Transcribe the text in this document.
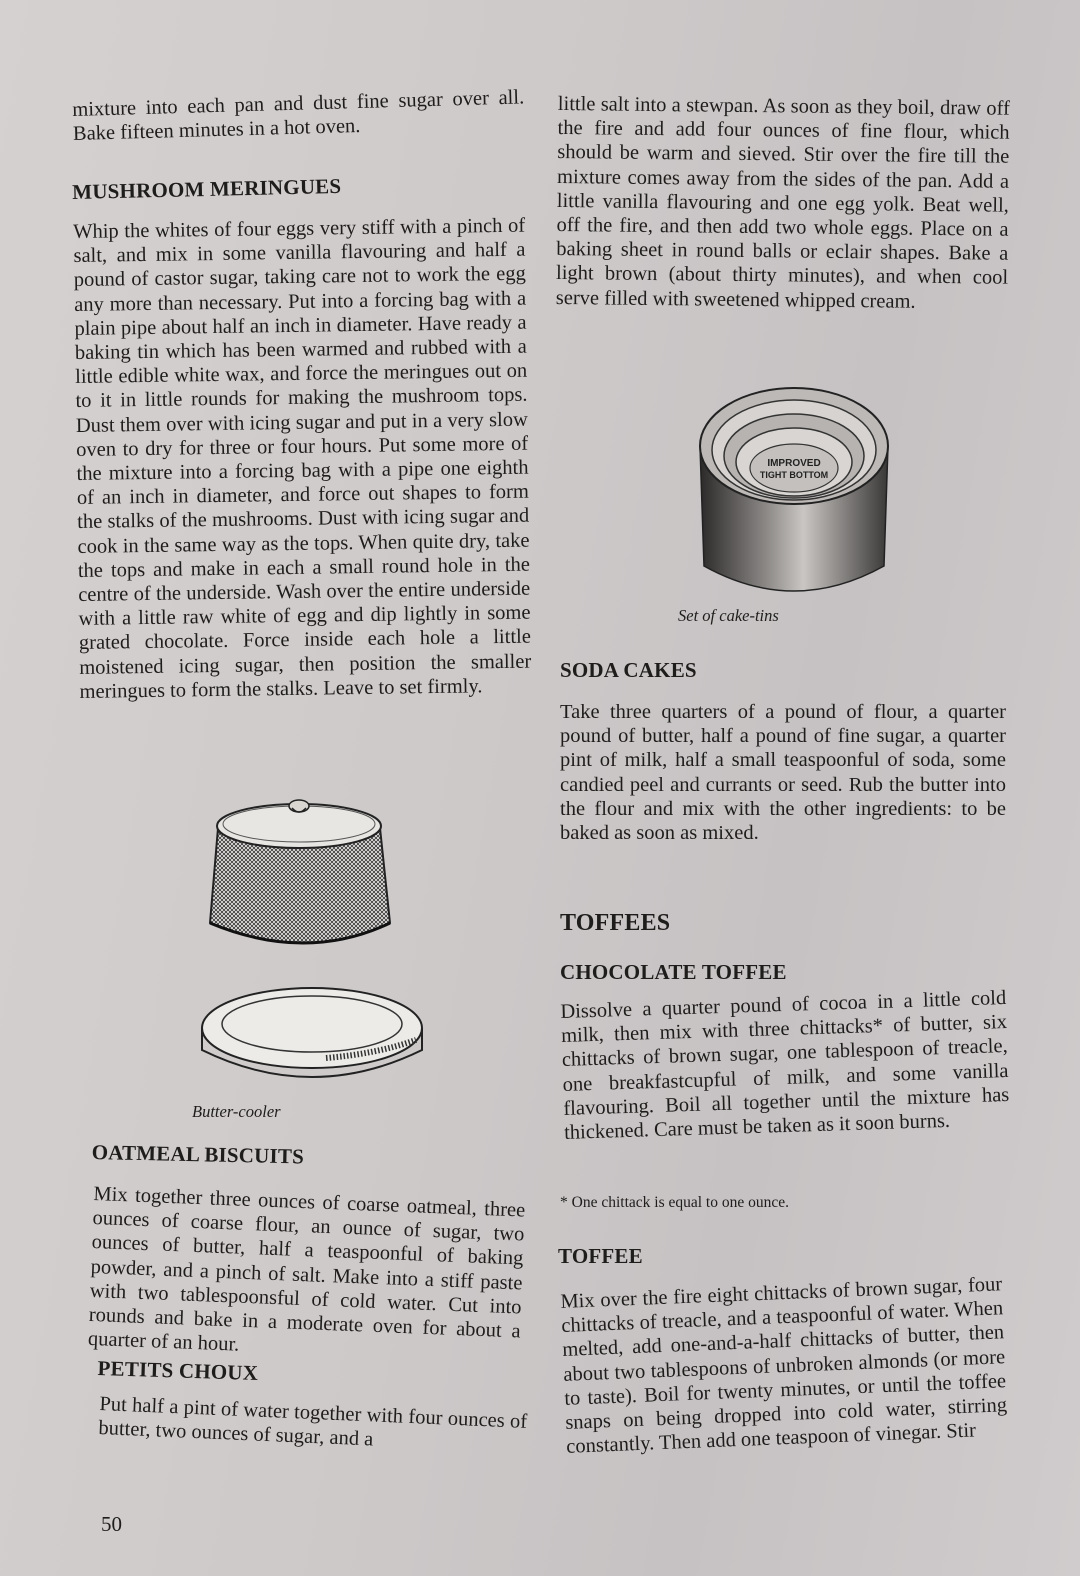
mixture into each pan and dust fine sugar over all. Bake fifteen minutes in a hot oven.

MUSHROOM MERINGUES

Whip the whites of four eggs very stiff with a pinch of salt, and mix in some vanilla flavouring and half a pound of castor sugar, taking care not to work the egg any more than necessary. Put into a forcing bag with a plain pipe about half an inch in diameter. Have ready a baking tin which has been warmed and rubbed with a little edible white wax, and force the meringues out on to it in little rounds for making the mushroom tops. Dust them over with icing sugar and put in a very slow oven to dry for three or four hours. Put some more of the mixture into a forcing bag with a pipe one eighth of an inch in diameter, and force out shapes to form the stalks of the mushrooms. Dust with icing sugar and cook in the same way as the tops. When quite dry, take the tops and make in each a small round hole in the centre of the underside. Wash over the entire underside with a little raw white of egg and dip lightly in some grated chocolate. Force inside each hole a little moistened icing sugar, then position the smaller meringues to form the stalks. Leave to set firmly.

Butter-cooler

OATMEAL BISCUITS

Mix together three ounces of coarse oatmeal, three ounces of coarse flour, an ounce of sugar, two ounces of butter, half a teaspoonful of baking powder, and a pinch of salt. Make into a stiff paste with two tablespoonsful of cold water. Cut into rounds and bake in a moderate oven for about a quarter of an hour.

PETITS CHOUX

Put half a pint of water together with four ounces of butter, two ounces of sugar, and a

50

little salt into a stewpan. As soon as they boil, draw off the fire and add four ounces of fine flour, which should be warm and sieved. Stir over the fire till the mixture comes away from the sides of the pan. Add a little vanilla flavouring and one egg yolk. Beat well, off the fire, and then add two whole eggs. Place on a baking sheet in round balls or eclair shapes. Bake a light brown (about thirty minutes), and when cool serve filled with sweetened whipped cream.

IMPROVED
TIGHT BOTTOM

Set of cake-tins

SODA CAKES

Take three quarters of a pound of flour, a quarter pound of butter, half a pound of fine sugar, a quarter pint of milk, half a small teaspoonful of soda, some candied peel and currants or seed. Rub the butter into the flour and mix with the other ingredients: to be baked as soon as mixed.

TOFFEES
CHOCOLATE TOFFEE

Dissolve a quarter pound of cocoa in a little cold milk, then mix with three chittacks* of butter, six chittacks of brown sugar, one tablespoon of treacle, one breakfastcupful of milk, and some vanilla flavouring. Boil all together until the mixture has thickened. Care must be taken as it soon burns.

* One chittack is equal to one ounce.

TOFFEE

Mix over the fire eight chittacks of brown sugar, four chittacks of treacle, and a teaspoonful of water. When melted, add one-and-a-half chittacks of butter, then about two tablespoons of unbroken almonds (or more to taste). Boil for twenty minutes, or until the toffee snaps on being dropped into cold water, stirring constantly. Then add one teaspoon of vinegar. Stir
